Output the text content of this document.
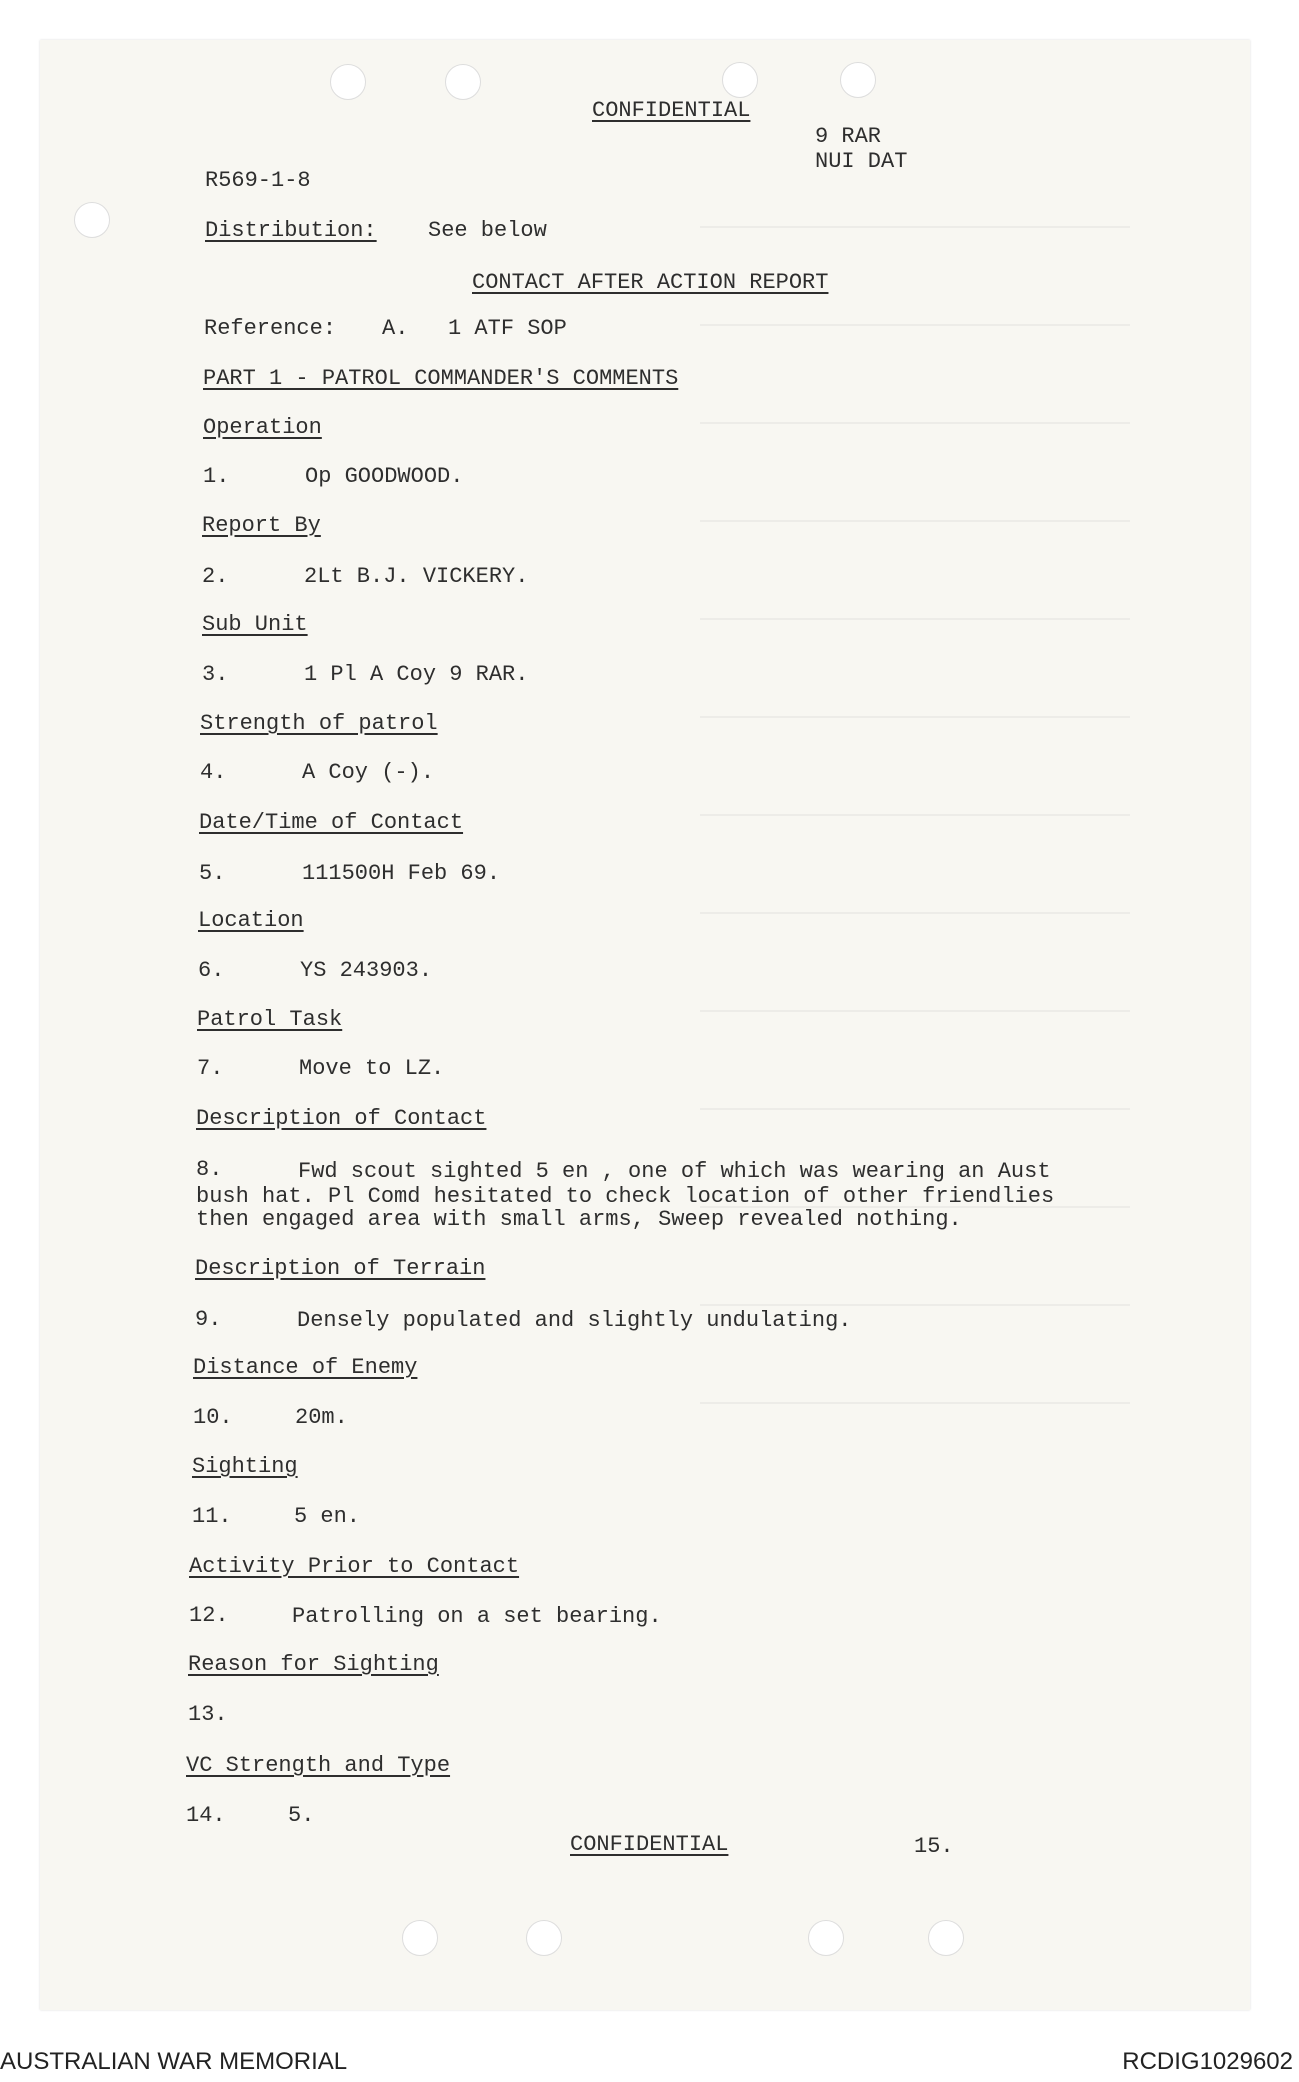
CONFIDENTIAL
9 RAR
NUI DAT
R569-1-8
Distribution: See below
CONTACT AFTER ACTION REPORT
Reference: A.   1 ATF SOP
PART 1 - PATROL COMMANDER'S COMMENTS
Operation
1.	Op GOODWOOD.
Report By
2.	2Lt B.J. VICKERY.
Sub Unit
3.	1 Pl A Coy 9 RAR.
Strength of patrol
4.	A Coy (-).
Date/Time of Contact
5.	111500H Feb 69.
Location
6.	YS 243903.
Patrol Task
7.	Move to LZ.
Description of Contact
8.	Fwd scout sighted 5 en , one of which was wearing an Aust
bush hat. Pl Comd hesitated to check location of other friendlies
then engaged area with small arms, Sweep revealed nothing.
Description of Terrain
9.	Densely populated and slightly undulating.
Distance of Enemy
10.	20m.
Sighting
11.	5 en.
Activity Prior to Contact
12.	Patrolling on a set bearing.
Reason for Sighting
13.
VC Strength and Type
14.	5.
CONFIDENTIAL	15.
AUSTRALIAN WAR MEMORIAL	RCDIG1029602
